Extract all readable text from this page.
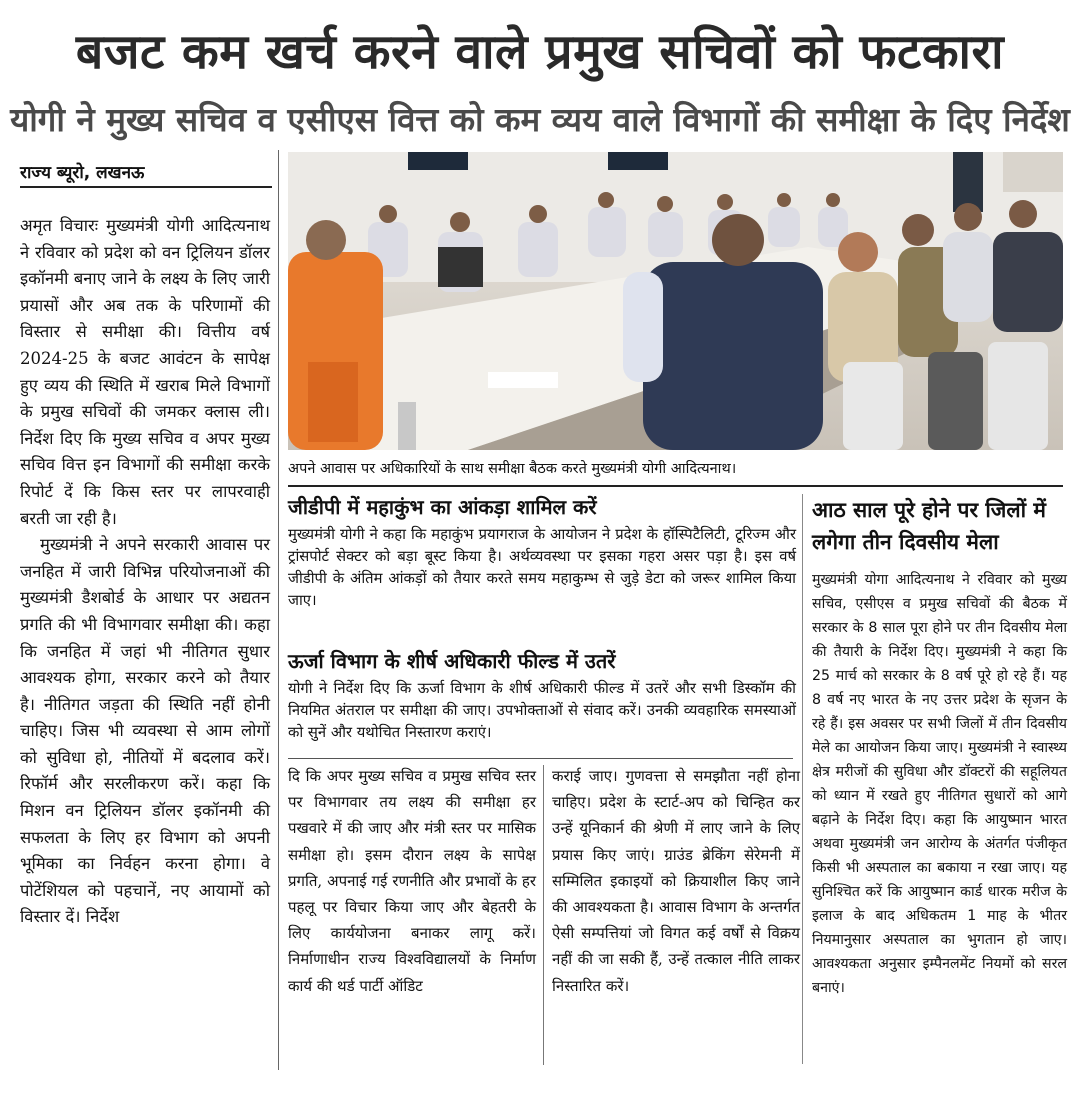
बजट कम खर्च करने वाले प्रमुख सचिवों को फटकारा
योगी ने मुख्य सचिव व एसीएस वित्त को कम व्यय वाले विभागों की समीक्षा के दिए निर्देश
राज्य ब्यूरो, लखनऊ

अमृत विचारः मुख्यमंत्री योगी आदित्यनाथ ने रविवार को प्रदेश को वन ट्रिलियन डॉलर इकॉनमी बनाए जाने के लक्ष्य के लिए जारी प्रयासों और अब तक के परिणामों की विस्तार से समीक्षा की। वित्तीय वर्ष 2024-25 के बजट आवंटन के सापेक्ष हुए व्यय की स्थिति में खराब मिले विभागों के प्रमुख सचिवों की जमकर क्लास ली। निर्देश दिए कि मुख्य सचिव व अपर मुख्य सचिव वित्त इन विभागों की समीक्षा करके रिपोर्ट दें कि किस स्तर पर लापरवाही बरती जा रही है।

मुख्यमंत्री ने अपने सरकारी आवास पर जनहित में जारी विभिन्न परियोजनाओं की मुख्यमंत्री डैशबोर्ड के आधार पर अद्यतन प्रगति की भी विभागवार समीक्षा की। कहा कि जनहित में जहां भी नीतिगत सुधार आवश्यक होगा, सरकार करने को तैयार है। नीतिगत जड़ता की स्थिति नहीं होनी चाहिए। जिस भी व्यवस्था से आम लोगों को सुविधा हो, नीतियों में बदलाव करें। रिफॉर्म और सरलीकरण करें। कहा कि मिशन वन ट्रिलियन डॉलर इकॉनमी की सफलता के लिए हर विभाग को अपनी भूमिका का निर्वहन करना होगा। वे पोटेंशियल को पहचानें, नए आयामों को विस्तार दें। निर्देश

अपने आवास पर अधिकारियों के साथ समीक्षा बैठक करते मुख्यमंत्री योगी आदित्यनाथ।
जीडीपी में महाकुंभ का आंकड़ा शामिल करें
मुख्यमंत्री योगी ने कहा कि महाकुंभ प्रयागराज के आयोजन ने प्रदेश के हॉस्पिटैलिटी, टूरिज्म और ट्रांसपोर्ट सेक्टर को बड़ा बूस्ट किया है। अर्थव्यवस्था पर इसका गहरा असर पड़ा है। इस वर्ष जीडीपी के अंतिम आंकड़ों को तैयार करते समय महाकुम्भ से जुड़े डेटा को जरूर शामिल किया जाए।
ऊर्जा विभाग के शीर्ष अधिकारी फील्ड में उतरें
योगी ने निर्देश दिए कि ऊर्जा विभाग के शीर्ष अधिकारी फील्ड में उतरें और सभी डिस्कॉम की नियमित अंतराल पर समीक्षा की जाए। उपभोक्ताओं से संवाद करें। उनकी व्यवहारिक समस्याओं को सुनें और यथोचित निस्तारण कराएं।
दि कि अपर मुख्य सचिव व प्रमुख सचिव स्तर पर विभागवार तय लक्ष्य की समीक्षा हर पखवारे में की जाए और मंत्री स्तर पर मासिक समीक्षा हो। इसम दौरान लक्ष्य के सापेक्ष प्रगति, अपनाई गई रणनीति और प्रभावों के हर पहलू पर विचार किया जाए और बेहतरी के लिए कार्ययोजना बनाकर लागू करें। निर्माणाधीन राज्य विश्वविद्यालयों के निर्माण कार्य की थर्ड पार्टी ऑडिट
कराई जाए। गुणवत्ता से समझौता नहीं होना चाहिए। प्रदेश के स्टार्ट-अप को चिन्हित कर उन्हें यूनिकार्न की श्रेणी में लाए जाने के लिए प्रयास किए जाएं। ग्राउंड ब्रेकिंग सेरेमनी में सम्मिलित इकाइयों को क्रियाशील किए जाने की आवश्यकता है। आवास विभाग के अन्तर्गत ऐसी सम्पत्तियां जो विगत कई वर्षों से विक्रय नहीं की जा सकी हैं, उन्हें तत्काल नीति लाकर निस्तारित करें।
आठ साल पूरे होने पर जिलों में लगेगा तीन दिवसीय मेला
मुख्यमंत्री योगा आदित्यनाथ ने रविवार को मुख्य सचिव, एसीएस व प्रमुख सचिवों की बैठक में सरकार के 8 साल पूरा होने पर तीन दिवसीय मेला की तैयारी के निर्देश दिए। मुख्यमंत्री ने कहा कि 25 मार्च को सरकार के 8 वर्ष पूरे हो रहे हैं। यह 8 वर्ष नए भारत के नए उत्तर प्रदेश के सृजन के रहे हैं। इस अवसर पर सभी जिलों में तीन दिवसीय मेले का आयोजन किया जाए। मुख्यमंत्री ने स्वास्थ्य क्षेत्र मरीजों की सुविधा और डॉक्टरों की सहूलियत को ध्यान में रखते हुए नीतिगत सुधारों को आगे बढ़ाने के निर्देश दिए। कहा कि आयुष्मान भारत अथवा मुख्यमंत्री जन आरोग्य के अंतर्गत पंजीकृत किसी भी अस्पताल का बकाया न रखा जाए। यह सुनिश्चित करें कि आयुष्मान कार्ड धारक मरीज के इलाज के बाद अधिकतम 1 माह के भीतर नियमानुसार अस्पताल का भुगतान हो जाए। आवश्यकता अनुसार इम्पैनलमेंट नियमों को सरल बनाएं।
